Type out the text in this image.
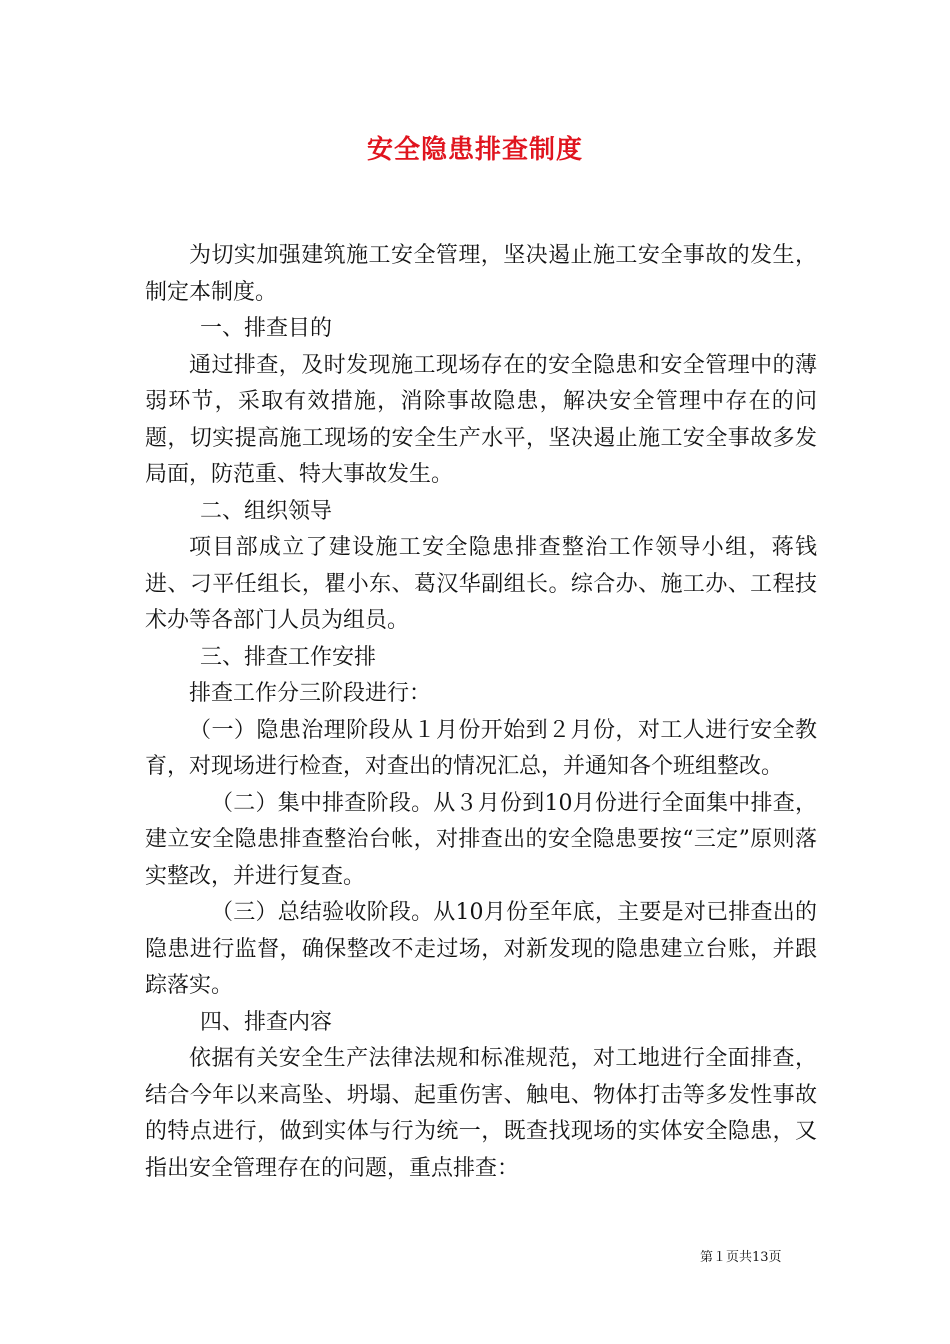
安全隐患排查制度

为切实加强建筑施工安全管理，坚决遏止施工安全事故的发生，制定本制度。

一、排查目的

通过排查，及时发现施工现场存在的安全隐患和安全管理中的薄弱环节，采取有效措施，消除事故隐患，解决安全管理中存在的问题，切实提高施工现场的安全生产水平，坚决遏止施工安全事故多发局面，防范重、特大事故发生。

二、组织领导

项目部成立了建设施工安全隐患排查整治工作领导小组，蒋钱进、刁平任组长，瞿小东、葛汉华副组长。综合办、施工办、工程技术办等各部门人员为组员。

三、排查工作安排

排查工作分三阶段进行：

（一）隐患治理阶段从１月份开始到２月份，对工人进行安全教育，对现场进行检查，对查出的情况汇总，并通知各个班组整改。

（二）集中排查阶段。从３月份到10月份进行全面集中排查，建立安全隐患排查整治台帐，对排查出的安全隐患要按“三定”原则落实整改，并进行复查。

（三）总结验收阶段。从10月份至年底，主要是对已排查出的隐患进行监督，确保整改不走过场，对新发现的隐患建立台账，并跟踪落实。

四、排查内容

依据有关安全生产法律法规和标准规范，对工地进行全面排查，结合今年以来高坠、坍塌、起重伤害、触电、物体打击等多发性事故的特点进行，做到实体与行为统一，既查找现场的实体安全隐患，又指出安全管理存在的问题，重点排查：

第１页共13页
